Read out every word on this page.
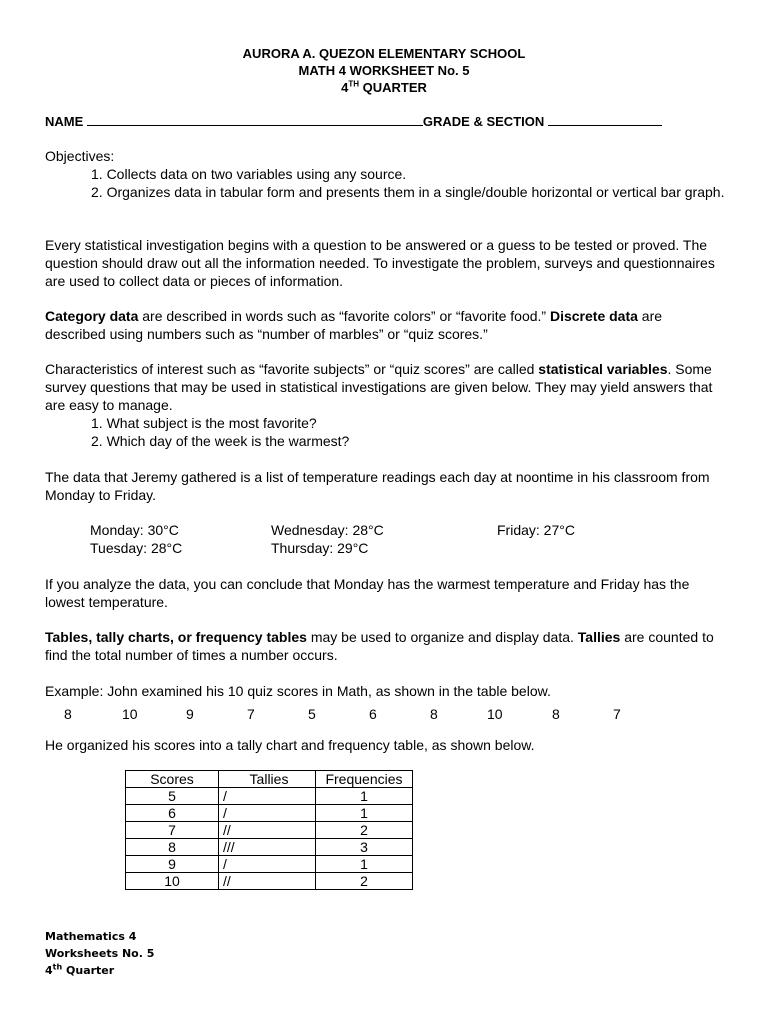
AURORA A. QUEZON ELEMENTARY SCHOOL
MATH 4 WORKSHEET No. 5
4TH QUARTER
NAME	GRADE & SECTION

Objectives:

1. Collects data on two variables using any source.

2. Organizes data in tabular form and presents them in a single/double horizontal or vertical bar graph.

Every statistical investigation begins with a question to be answered or a guess to be tested or proved. The question should draw out all the information needed. To investigate the problem, surveys and questionnaires are used to collect data or pieces of information.
Category data are described in words such as “favorite colors” or “favorite food.” Discrete data are described using numbers such as “number of marbles” or “quiz scores.”

Characteristics of interest such as “favorite subjects” or “quiz scores” are called statistical variables. Some survey questions that may be used in statistical investigations are given below. They may yield answers that are easy to manage.

1. What subject is the most favorite?

2. Which day of the week is the warmest?

The data that Jeremy gathered is a list of temperature readings each day at noontime in his classroom from Monday to Friday.
Monday: 30°C
Tuesday: 28°C
Wednesday: 28°C
Thursday: 29°C
Friday: 27°C
If you analyze the data, you can conclude that Monday has the warmest temperature and Friday has the lowest temperature.
Tables, tally charts, or frequency tables may be used to organize and display data. Tallies are counted to find the total number of times a number occurs.
Example: John examined his 10 quiz scores in Math, as shown in the table below.
8	10	9	7	5	6	8	10	8	7
He organized his scores into a tally chart and frequency table, as shown below.
Scores	Tallies	Frequencies
5	/	1
6	/	1
7	//	2
8	///	3
9	/	1
10	//	2
Mathematics 4
Worksheets No. 5
4th Quarter
